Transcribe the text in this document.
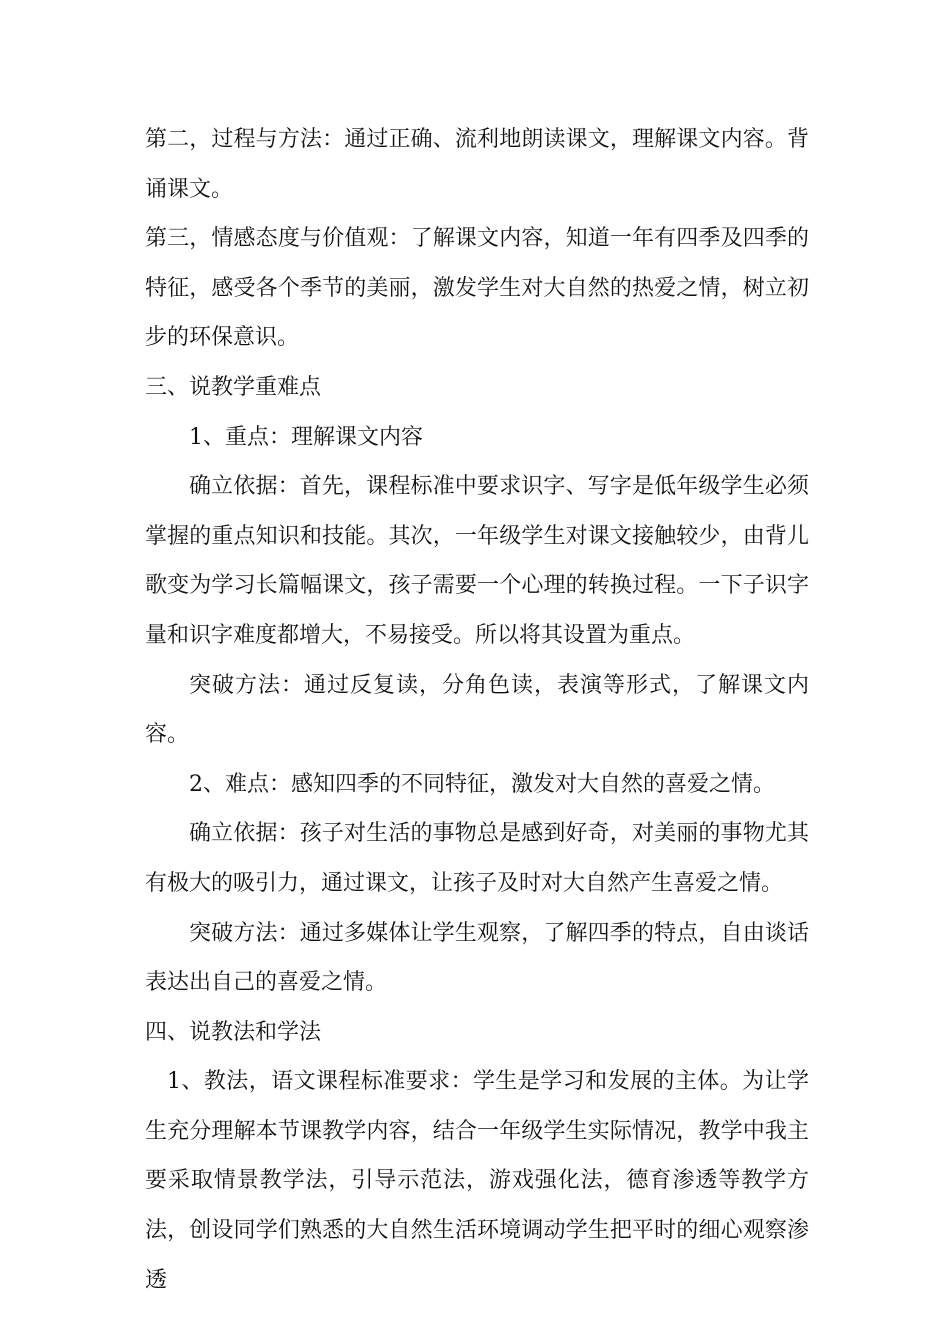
第二，过程与方法：通过正确、流利地朗读课文，理解课文内容。背诵课文。

第三，情感态度与价值观：了解课文内容，知道一年有四季及四季的特征，感受各个季节的美丽，激发学生对大自然的热爱之情，树立初步的环保意识。

三、说教学重难点

1、重点：理解课文内容

确立依据：首先，课程标准中要求识字、写字是低年级学生必须掌握的重点知识和技能。其次，一年级学生对课文接触较少，由背儿歌变为学习长篇幅课文，孩子需要一个心理的转换过程。一下子识字量和识字难度都增大，不易接受。所以将其设置为重点。

突破方法：通过反复读，分角色读，表演等形式，了解课文内容。

2、难点：感知四季的不同特征，激发对大自然的喜爱之情。

确立依据：孩子对生活的事物总是感到好奇，对美丽的事物尤其有极大的吸引力，通过课文，让孩子及时对大自然产生喜爱之情。

突破方法：通过多媒体让学生观察，了解四季的特点，自由谈话表达出自己的喜爱之情。

四、说教法和学法

1、教法，语文课程标准要求：学生是学习和发展的主体。为让学生充分理解本节课教学内容，结合一年级学生实际情况，教学中我主要采取情景教学法，引导示范法，游戏强化法，德育渗透等教学方法，创设同学们熟悉的大自然生活环境调动学生把平时的细心观察渗透
